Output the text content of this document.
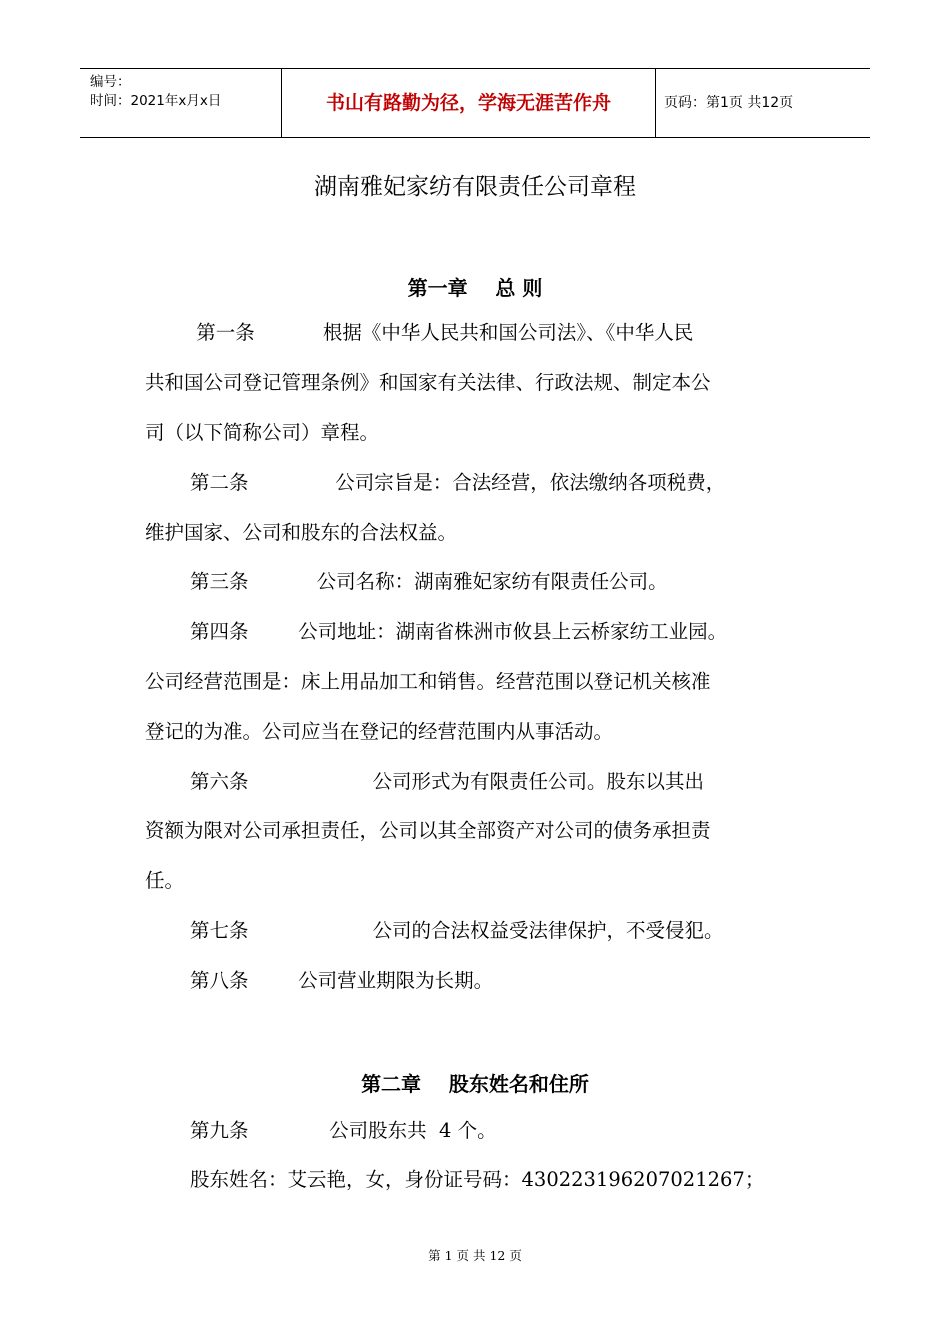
编号：
时间：2021年x月x日	书山有路勤为径，学海无涯苦作舟	页码：第1页 共12页
湖南雅妃家纺有限责任公司章程
第一章    总 则
第一条           根据《中华人民共和国公司法》、《中华人民
共和国公司登记管理条例》和国家有关法律、行政法规、制定本公
司（以下简称公司）章程。
第二条              公司宗旨是：合法经营，依法缴纳各项税费，
维护国家、公司和股东的合法权益。
第三条           公司名称：湖南雅妃家纺有限责任公司。
第四条        公司地址：湖南省株洲市攸县上云桥家纺工业园。
公司经营范围是：床上用品加工和销售。经营范围以登记机关核准
登记的为准。公司应当在登记的经营范围内从事活动。
第六条                    公司形式为有限责任公司。股东以其出
资额为限对公司承担责任，公司以其全部资产对公司的债务承担责
任。
第七条                    公司的合法权益受法律保护，不受侵犯。
第八条        公司营业期限为长期。
第二章    股东姓名和住所
第九条             公司股东共  4 个。
股东姓名：艾云艳，女，身份证号码：430223196207021267；
第 1 页 共 12 页
